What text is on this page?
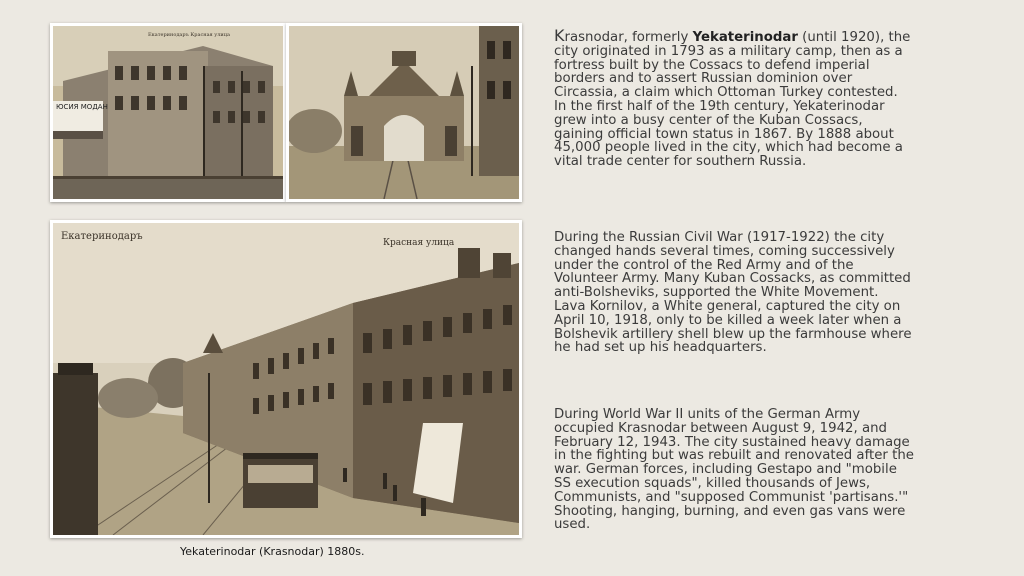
ЮСИЯ МОДАН
Екатеринодаръ Красная улица
Екатеринодаръ
Красная улица
Yekaterinodar (Krasnodar) 1880s.

Krasnodar, formerly Yekaterinodar (until 1920), the city originated in 1793 as a military camp, then as a fortress built by the Cossacs to defend imperial borders and to assert Russian dominion over Circassia, a claim which Ottoman Turkey contested. In the first half of the 19th century, Yekaterinodar grew into a busy center of the Kuban Cossacs, gaining official town status in 1867. By 1888 about 45,000 people lived in the city, which had become a vital trade center for southern Russia.

During the Russian Civil War (1917-1922) the city changed hands several times, coming successively under the control of the Red Army and of the Volunteer Army. Many Kuban Cossacks, as committed anti-Bolsheviks, supported the White Movement. Lava Kornilov, a White general, captured the city on April 10, 1918, only to be killed a week later when a Bolshevik artillery shell blew up the farmhouse where he had set up his headquarters.

During World War II units of the German Army occupied Krasnodar between August 9, 1942, and February 12, 1943. The city sustained heavy damage in the fighting but was rebuilt and renovated after the war. German forces, including Gestapo and "mobile SS execution squads", killed thousands of Jews, Communists, and "supposed Communist 'partisans.'" Shooting, hanging, burning, and even gas vans were used.
